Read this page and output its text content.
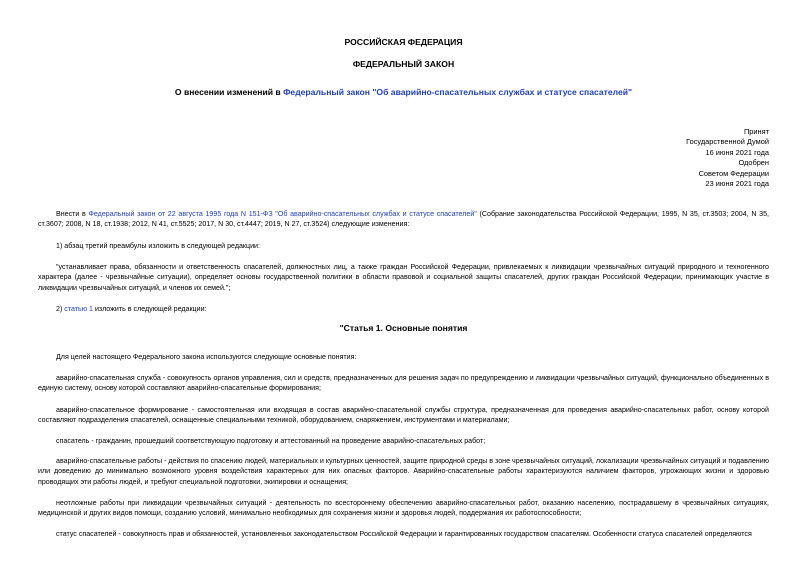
РОССИЙСКАЯ ФЕДЕРАЦИЯ
ФЕДЕРАЛЬНЫЙ ЗАКОН
О внесении изменений в Федеральный закон "Об аварийно-спасательных службах и статусе спасателей"
Принят
Государственной Думой
16 июня 2021 года
Одобрен
Советом Федерации
23 июня 2021 года
Внести в Федеральный закон от 22 августа 1995 года N 151-ФЗ "Об аварийно-спасательных службах и статусе спасателей" (Собрание законодательства Российской Федерации, 1995, N 35, ст.3503; 2004, N 35, ст.3607; 2008, N 18, ст.1938; 2012, N 41, ст.5525; 2017, N 30, ст.4447; 2019, N 27, ст.3524) следующие изменения:
1) абзац третий преамбулы изложить в следующей редакции:
"устанавливает права, обязанности и ответственность спасателей, должностных лиц, а также граждан Российской Федерации, привлекаемых к ликвидации чрезвычайных ситуаций природного и техногенного характера (далее - чрезвычайные ситуации), определяет основы государственной политики в области правовой и социальной защиты спасателей, других граждан Российской Федерации, принимающих участие в ликвидации чрезвычайных ситуаций, и членов их семей.";
2) статью 1 изложить в следующей редакции:
"Статья 1. Основные понятия
Для целей настоящего Федерального закона используются следующие основные понятия:
аварийно-спасательная служба - совокупность органов управления, сил и средств, предназначенных для решения задач по предупреждению и ликвидации чрезвычайных ситуаций, функционально объединенных в единую систему, основу которой составляют аварийно-спасательные формирования;
аварийно-спасательное формирование - самостоятельная или входящая в состав аварийно-спасательной службы структура, предназначенная для проведения аварийно-спасательных работ, основу которой составляют подразделения спасателей, оснащенные специальными техникой, оборудованием, снаряжением, инструментами и материалами;
спасатель - гражданин, прошедший соответствующую подготовку и аттестованный на проведение аварийно-спасательных работ;
аварийно-спасательные работы - действия по спасению людей, материальных и культурных ценностей, защите природной среды в зоне чрезвычайных ситуаций, локализации чрезвычайных ситуаций и подавлению или доведению до минимально возможного уровня воздействия характерных для них опасных факторов. Аварийно-спасательные работы характеризуются наличием факторов, угрожающих жизни и здоровью проводящих эти работы людей, и требуют специальной подготовки, экипировки и оснащения;
неотложные работы при ликвидации чрезвычайных ситуаций - деятельность по всестороннему обеспечению аварийно-спасательных работ, оказанию населению, пострадавшему в чрезвычайных ситуациях, медицинской и других видов помощи, созданию условий, минимально необходимых для сохранения жизни и здоровья людей, поддержания их работоспособности;
статус спасателей - совокупность прав и обязанностей, установленных законодательством Российской Федерации и гарантированных государством спасателям. Особенности статуса спасателей определяются
